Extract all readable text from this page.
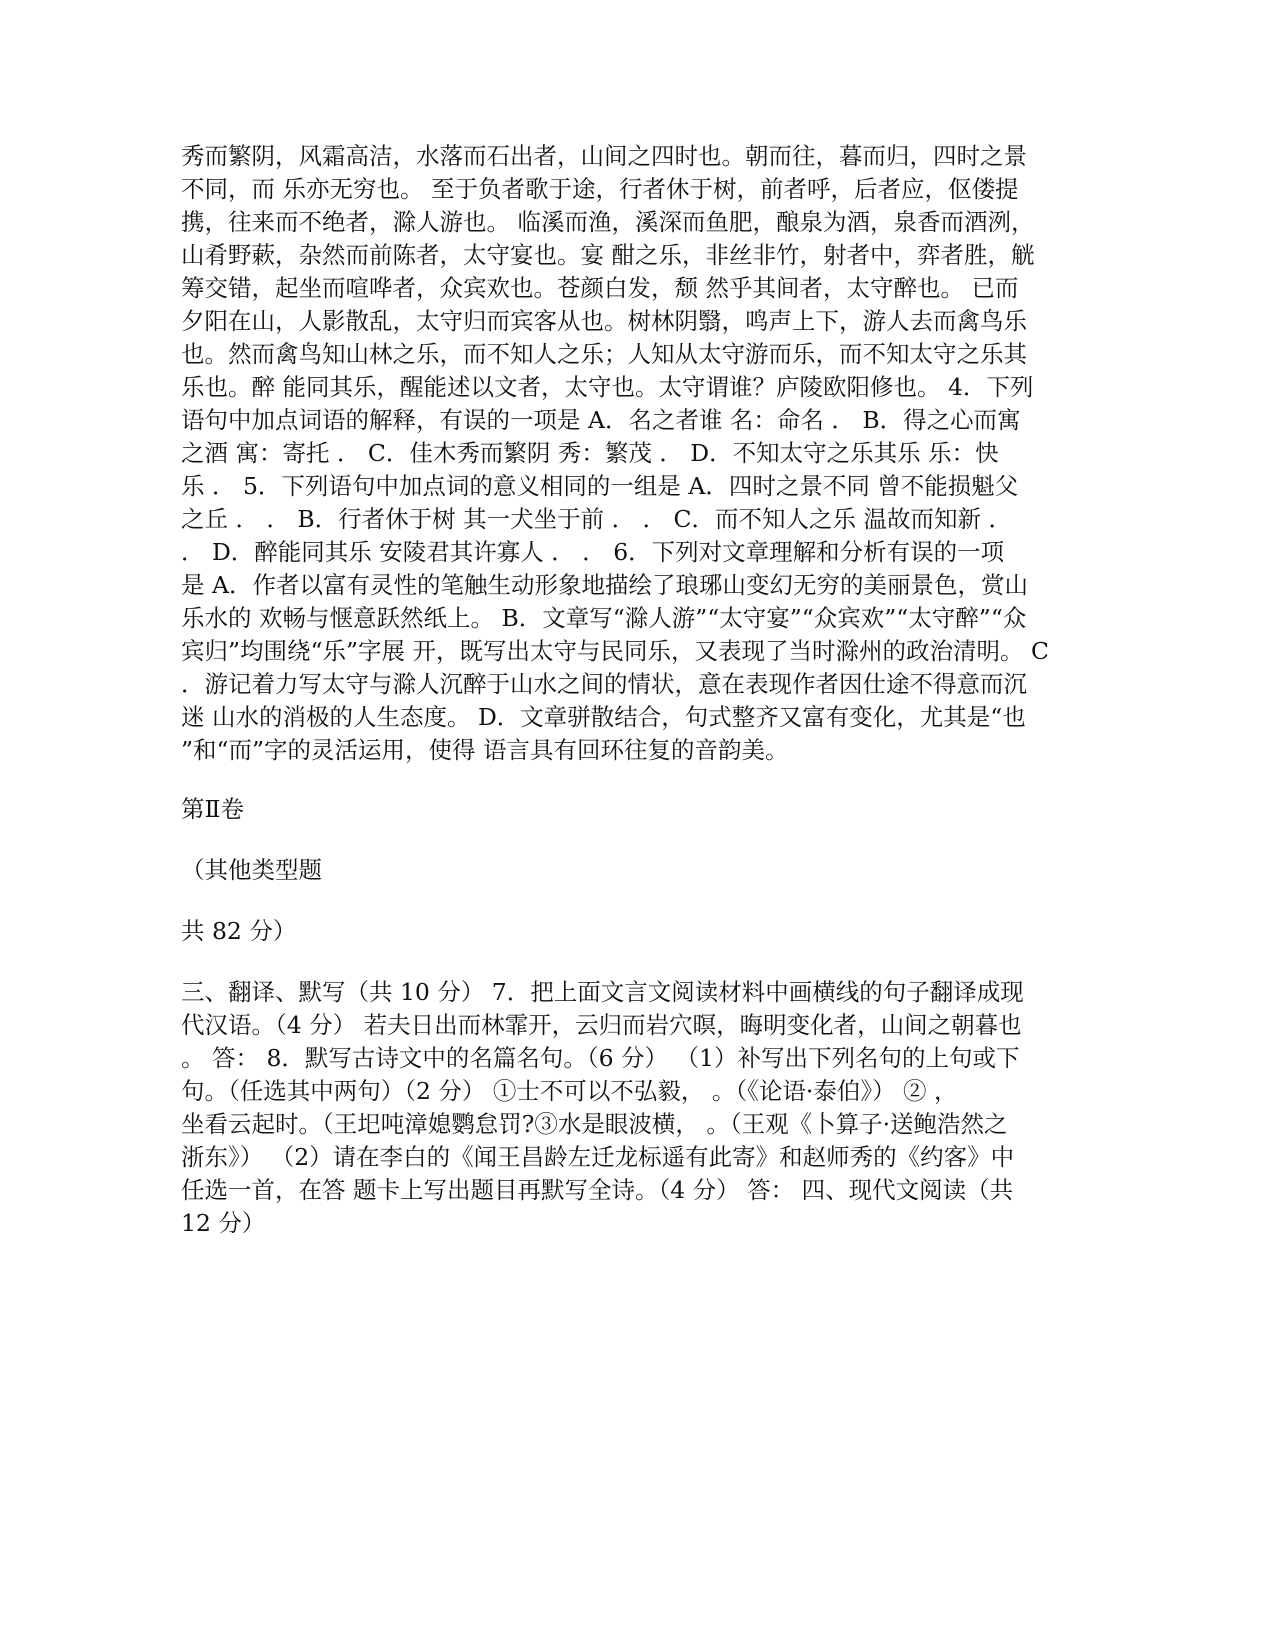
秀而繁阴，风霜高洁，水落而石出者，山间之四时也。朝而往，暮而归，四时之景
不同，而 乐亦无穷也。 至于负者歌于途，行者休于树，前者呼，后者应，伛偻提
携，往来而不绝者，滁人游也。 临溪而渔，溪深而鱼肥，酿泉为酒，泉香而酒洌，
山肴野蔌，杂然而前陈者，太守宴也。宴 酣之乐，非丝非竹，射者中，弈者胜，觥
筹交错，起坐而喧哗者，众宾欢也。苍颜白发，颓 然乎其间者，太守醉也。 已而
夕阳在山，人影散乱，太守归而宾客从也。树林阴翳，鸣声上下，游人去而禽鸟乐
也。然而禽鸟知山林之乐，而不知人之乐；人知从太守游而乐，而不知太守之乐其
乐也。醉 能同其乐，醒能述以文者，太守也。太守谓谁？庐陵欧阳修也。 4．下列
语句中加点词语的解释，有误的一项是 A．名之者谁 名：命名 ． B．得之心而寓
之酒 寓：寄托 ． C．佳木秀而繁阴 秀：繁茂 ． D．不知太守之乐其乐 乐：快
乐 ． 5．下列语句中加点词的意义相同的一组是 A．四时之景不同 曾不能损魁父
之丘 ． ． B．行者休于树 其一犬坐于前 ． ． C．而不知人之乐 温故而知新 ．
． D．醉能同其乐 安陵君其许寡人 ． ． 6．下列对文章理解和分析有误的一项
是 A．作者以富有灵性的笔触生动形象地描绘了琅琊山变幻无穷的美丽景色，赏山
乐水的 欢畅与惬意跃然纸上。 B．文章写“滁人游”“太守宴”“众宾欢”“太守醉”“众
宾归”均围绕“乐”字展 开，既写出太守与民同乐，又表现了当时滁州的政治清明。 C
．游记着力写太守与滁人沉醉于山水之间的情状，意在表现作者因仕途不得意而沉
迷 山水的消极的人生态度。 D．文章骈散结合，句式整齐又富有变化，尤其是“也
”和“而”字的灵活运用，使得 语言具有回环往复的音韵美。
第Ⅱ卷
（其他类型题
共 82 分）
三、翻译、默写（共 10 分） 7．把上面文言文阅读材料中画横线的句子翻译成现
代汉语。（4 分） 若夫日出而林霏开，云归而岩穴暝，晦明变化者，山间之朝暮也
。 答： 8．默写古诗文中的名篇名句。（6 分） （1）补写出下列名句的上句或下
句。（任选其中两句）（2 分） ①士不可以不弘毅， 。（《论语·泰伯》） ② ，
坐看云起时。（王圯吨漳媳鹦怠罚?③水是眼波横， 。（王观《卜算子·送鲍浩然之
浙东》） （2）请在李白的《闻王昌龄左迁龙标遥有此寄》和赵师秀的《约客》中
任选一首，在答 题卡上写出题目再默写全诗。（4 分） 答： 四、现代文阅读（共
12 分）
